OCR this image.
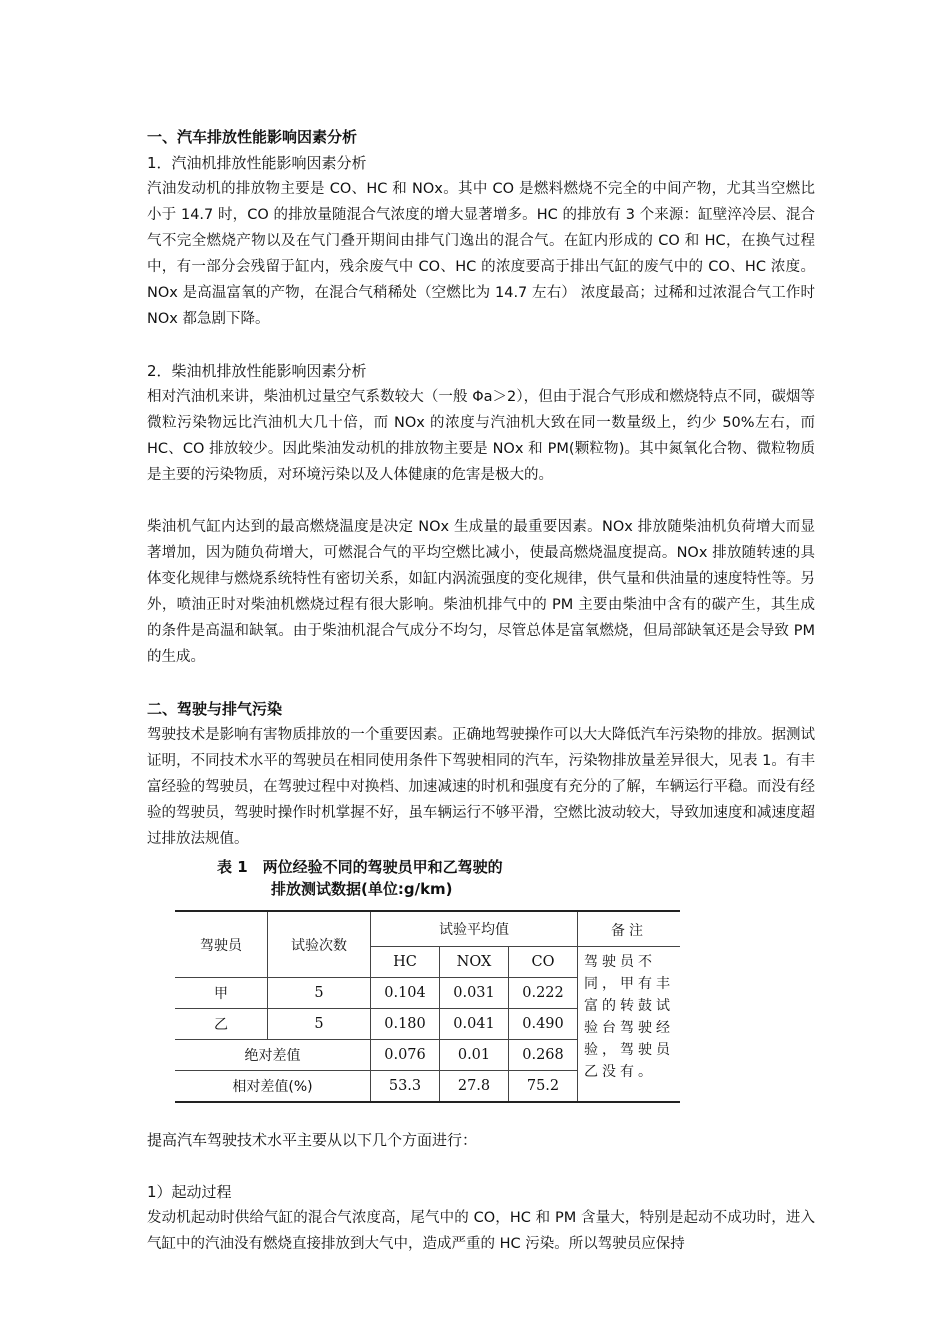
一、汽车排放性能影响因素分析

1．汽油机排放性能影响因素分析

汽油发动机的排放物主要是 CO、HC 和 NOx。其中 CO 是燃料燃烧不完全的中间产物，尤其当空燃比小于 14.7 时，CO 的排放量随混合气浓度的增大显著增多。HC 的排放有 3 个来源：缸壁淬冷层、混合气不完全燃烧产物以及在气门叠开期间由排气门逸出的混合气。在缸内形成的 CO 和 HC，在换气过程中，有一部分会残留于缸内，残余废气中 CO、HC 的浓度要高于排出气缸的废气中的 CO、HC 浓度。NOx 是高温富氧的产物，在混合气稍稀处（空燃比为 14.7 左右） 浓度最高；过稀和过浓混合气工作时 NOx 都急剧下降。

2．柴油机排放性能影响因素分析

相对汽油机来讲，柴油机过量空气系数较大（一般 Φa＞2），但由于混合气形成和燃烧特点不同，碳烟等微粒污染物远比汽油机大几十倍，而 NOx 的浓度与汽油机大致在同一数量级上，约少 50%左右，而 HC、CO 排放较少。因此柴油发动机的排放物主要是 NOx 和 PM(颗粒物)。其中氮氧化合物、微粒物质是主要的污染物质，对环境污染以及人体健康的危害是极大的。

柴油机气缸内达到的最高燃烧温度是决定 NOx 生成量的最重要因素。NOx 排放随柴油机负荷增大而显著增加，因为随负荷增大，可燃混合气的平均空燃比减小，使最高燃烧温度提高。NOx 排放随转速的具体变化规律与燃烧系统特性有密切关系，如缸内涡流强度的变化规律，供气量和供油量的速度特性等。另外，喷油正时对柴油机燃烧过程有很大影响。柴油机排气中的 PM 主要由柴油中含有的碳产生，其生成的条件是高温和缺氧。由于柴油机混合气成分不均匀，尽管总体是富氧燃烧，但局部缺氧还是会导致 PM 的生成。

二、驾驶与排气污染

驾驶技术是影响有害物质排放的一个重要因素。正确地驾驶操作可以大大降低汽车污染物的排放。据测试证明，不同技术水平的驾驶员在相同使用条件下驾驶相同的汽车，污染物排放量差异很大，见表 1。有丰富经验的驾驶员，在驾驶过程中对换档、加速减速的时机和强度有充分的了解，车辆运行平稳。而没有经验的驾驶员，驾驶时操作时机掌握不好，虽车辆运行不够平滑，空燃比波动较大，导致加速度和减速度超过排放法规值。

表 1　两位经验不同的驾驶员甲和乙驾驶的
排放测试数据(单位:g/km)
驾驶员	试验次数	试验平均值			备注
		HC	NOX	CO	驾驶员不同，甲有丰富的转鼓试验台驾驶经验，驾驶员乙没有。
甲	5	0.104	0.031	0.222	
乙	5	0.180	0.041	0.490	
绝对差值		0.076	0.01	0.268	
相对差值(%)		53.3	27.8	75.2	

提高汽车驾驶技术水平主要从以下几个方面进行：

1）起动过程

发动机起动时供给气缸的混合气浓度高，尾气中的 CO，HC 和 PM 含量大，特别是起动不成功时，进入气缸中的汽油没有燃烧直接排放到大气中，造成严重的 HC 污染。所以驾驶员应保持
